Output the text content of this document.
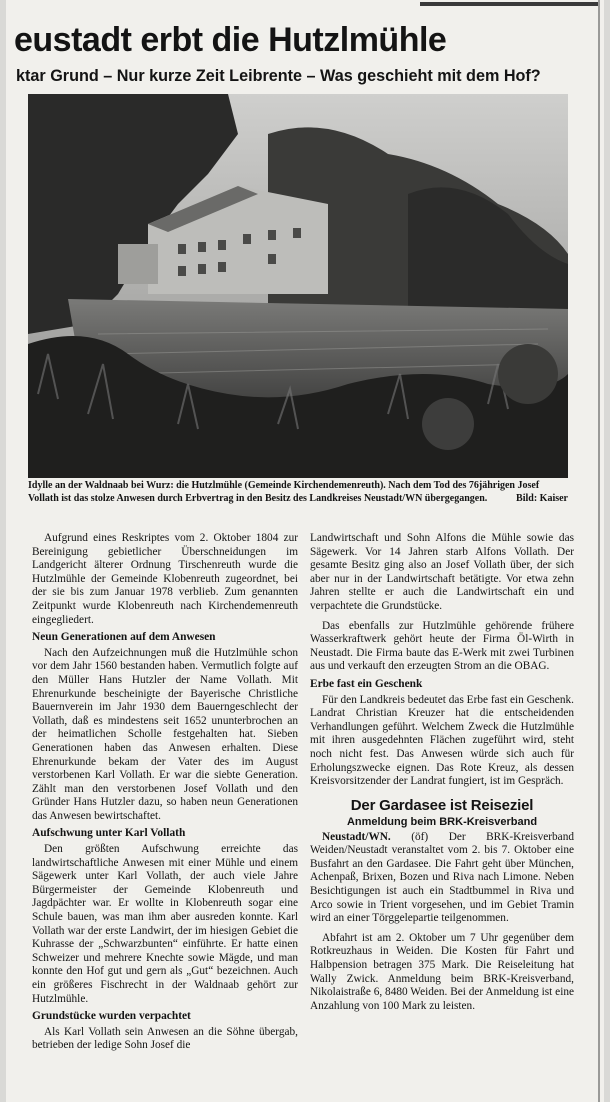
eustadt erbt die Hutzlmühle
ktar Grund – Nur kurze Zeit Leibrente – Was geschieht mit dem Hof?
Idylle an der Waldnaab bei Wurz: die Hutzlmühle (Gemeinde Kirchendemenreuth). Nach dem Tod des 76jährigen Josef Vollath ist das stolze Anwesen durch Erbvertrag in den Besitz des Landkreises Neustadt/WN übergegangen.	Bild: Kaiser

Aufgrund eines Reskriptes vom 2. Oktober 1804 zur Bereinigung gebietlicher Überschneidungen im Landgericht älterer Ordnung Tirschenreuth wurde die Hutzlmühle der Gemeinde Klobenreuth zugeordnet, bei der sie bis zum Januar 1978 verblieb. Zum genannten Zeitpunkt wurde Klobenreuth nach Kirchendemenreuth eingegliedert.

Neun Generationen auf dem Anwesen

Nach den Aufzeichnungen muß die Hutzlmühle schon vor dem Jahr 1560 bestanden haben. Vermutlich folgte auf den Müller Hans Hutzler der Name Vollath. Mit Ehrenurkunde bescheinigte der Bayerische Christliche Bauernverein im Jahr 1930 dem Bauerngeschlecht der Vollath, daß es mindestens seit 1652 ununterbrochen an der heimatlichen Scholle festgehalten hat. Sieben Generationen haben das Anwesen erhalten. Diese Ehrenurkunde bekam der Vater des im August verstorbenen Karl Vollath. Er war die siebte Generation. Zählt man den verstorbenen Josef Vollath und den Gründer Hans Hutzler dazu, so haben neun Generationen das Anwesen bewirtschaftet.

Aufschwung unter Karl Vollath

Den größten Aufschwung erreichte das landwirtschaftliche Anwesen mit einer Mühle und einem Sägewerk unter Karl Vollath, der auch viele Jahre Bürgermeister der Gemeinde Klobenreuth und Jagdpächter war. Er wollte in Klobenreuth sogar eine Schule bauen, was man ihm aber ausreden konnte. Karl Vollath war der erste Landwirt, der im hiesigen Gebiet die Kuhrasse der „Schwarzbunten“ einführte. Er hatte einen Schweizer und mehrere Knechte sowie Mägde, und man konnte den Hof gut und gern als „Gut“ bezeichnen. Auch ein größeres Fischrecht in der Waldnaab gehört zur Hutzlmühle.

Grundstücke wurden verpachtet

Als Karl Vollath sein Anwesen an die Söhne übergab, betrieben der ledige Sohn Josef die

Landwirtschaft und Sohn Alfons die Mühle sowie das Sägewerk. Vor 14 Jahren starb Alfons Vollath. Der gesamte Besitz ging also an Josef Vollath über, der sich aber nur in der Landwirtschaft betätigte. Vor etwa zehn Jahren stellte er auch die Landwirtschaft ein und verpachtete die Grundstücke.

Das ebenfalls zur Hutzlmühle gehörende frühere Wasserkraftwerk gehört heute der Firma Öl-Wirth in Neustadt. Die Firma baute das E-Werk mit zwei Turbinen aus und verkauft den erzeugten Strom an die OBAG.

Erbe fast ein Geschenk

Für den Landkreis bedeutet das Erbe fast ein Geschenk. Landrat Christian Kreuzer hat die entscheidenden Verhandlungen geführt. Welchem Zweck die Hutzlmühle mit ihren ausgedehnten Flächen zugeführt wird, steht noch nicht fest. Das Anwesen würde sich auch für Erholungszwecke eignen. Das Rote Kreuz, als dessen Kreisvorsitzender der Landrat fungiert, ist im Gespräch.

Der Gardasee ist Reiseziel
Anmeldung beim BRK-Kreisverband

Neustadt/WN. (öf) Der BRK-Kreisverband Weiden/Neustadt veranstaltet vom 2. bis 7. Oktober eine Busfahrt an den Gardasee. Die Fahrt geht über München, Achenpaß, Brixen, Bozen und Riva nach Limone. Neben Besichtigungen ist auch ein Stadtbummel in Riva und Arco sowie in Trient vorgesehen, und im Gebiet Tramin wird an einer Törggelepartie teilgenommen.

Abfahrt ist am 2. Oktober um 7 Uhr gegenüber dem Rotkreuzhaus in Weiden. Die Kosten für Fahrt und Halbpension betragen 375 Mark. Die Reiseleitung hat Wally Zwick. Anmeldung beim BRK-Kreisverband, Nikolaistraße 6, 8480 Weiden. Bei der Anmeldung ist eine Anzahlung von 100 Mark zu leisten.
